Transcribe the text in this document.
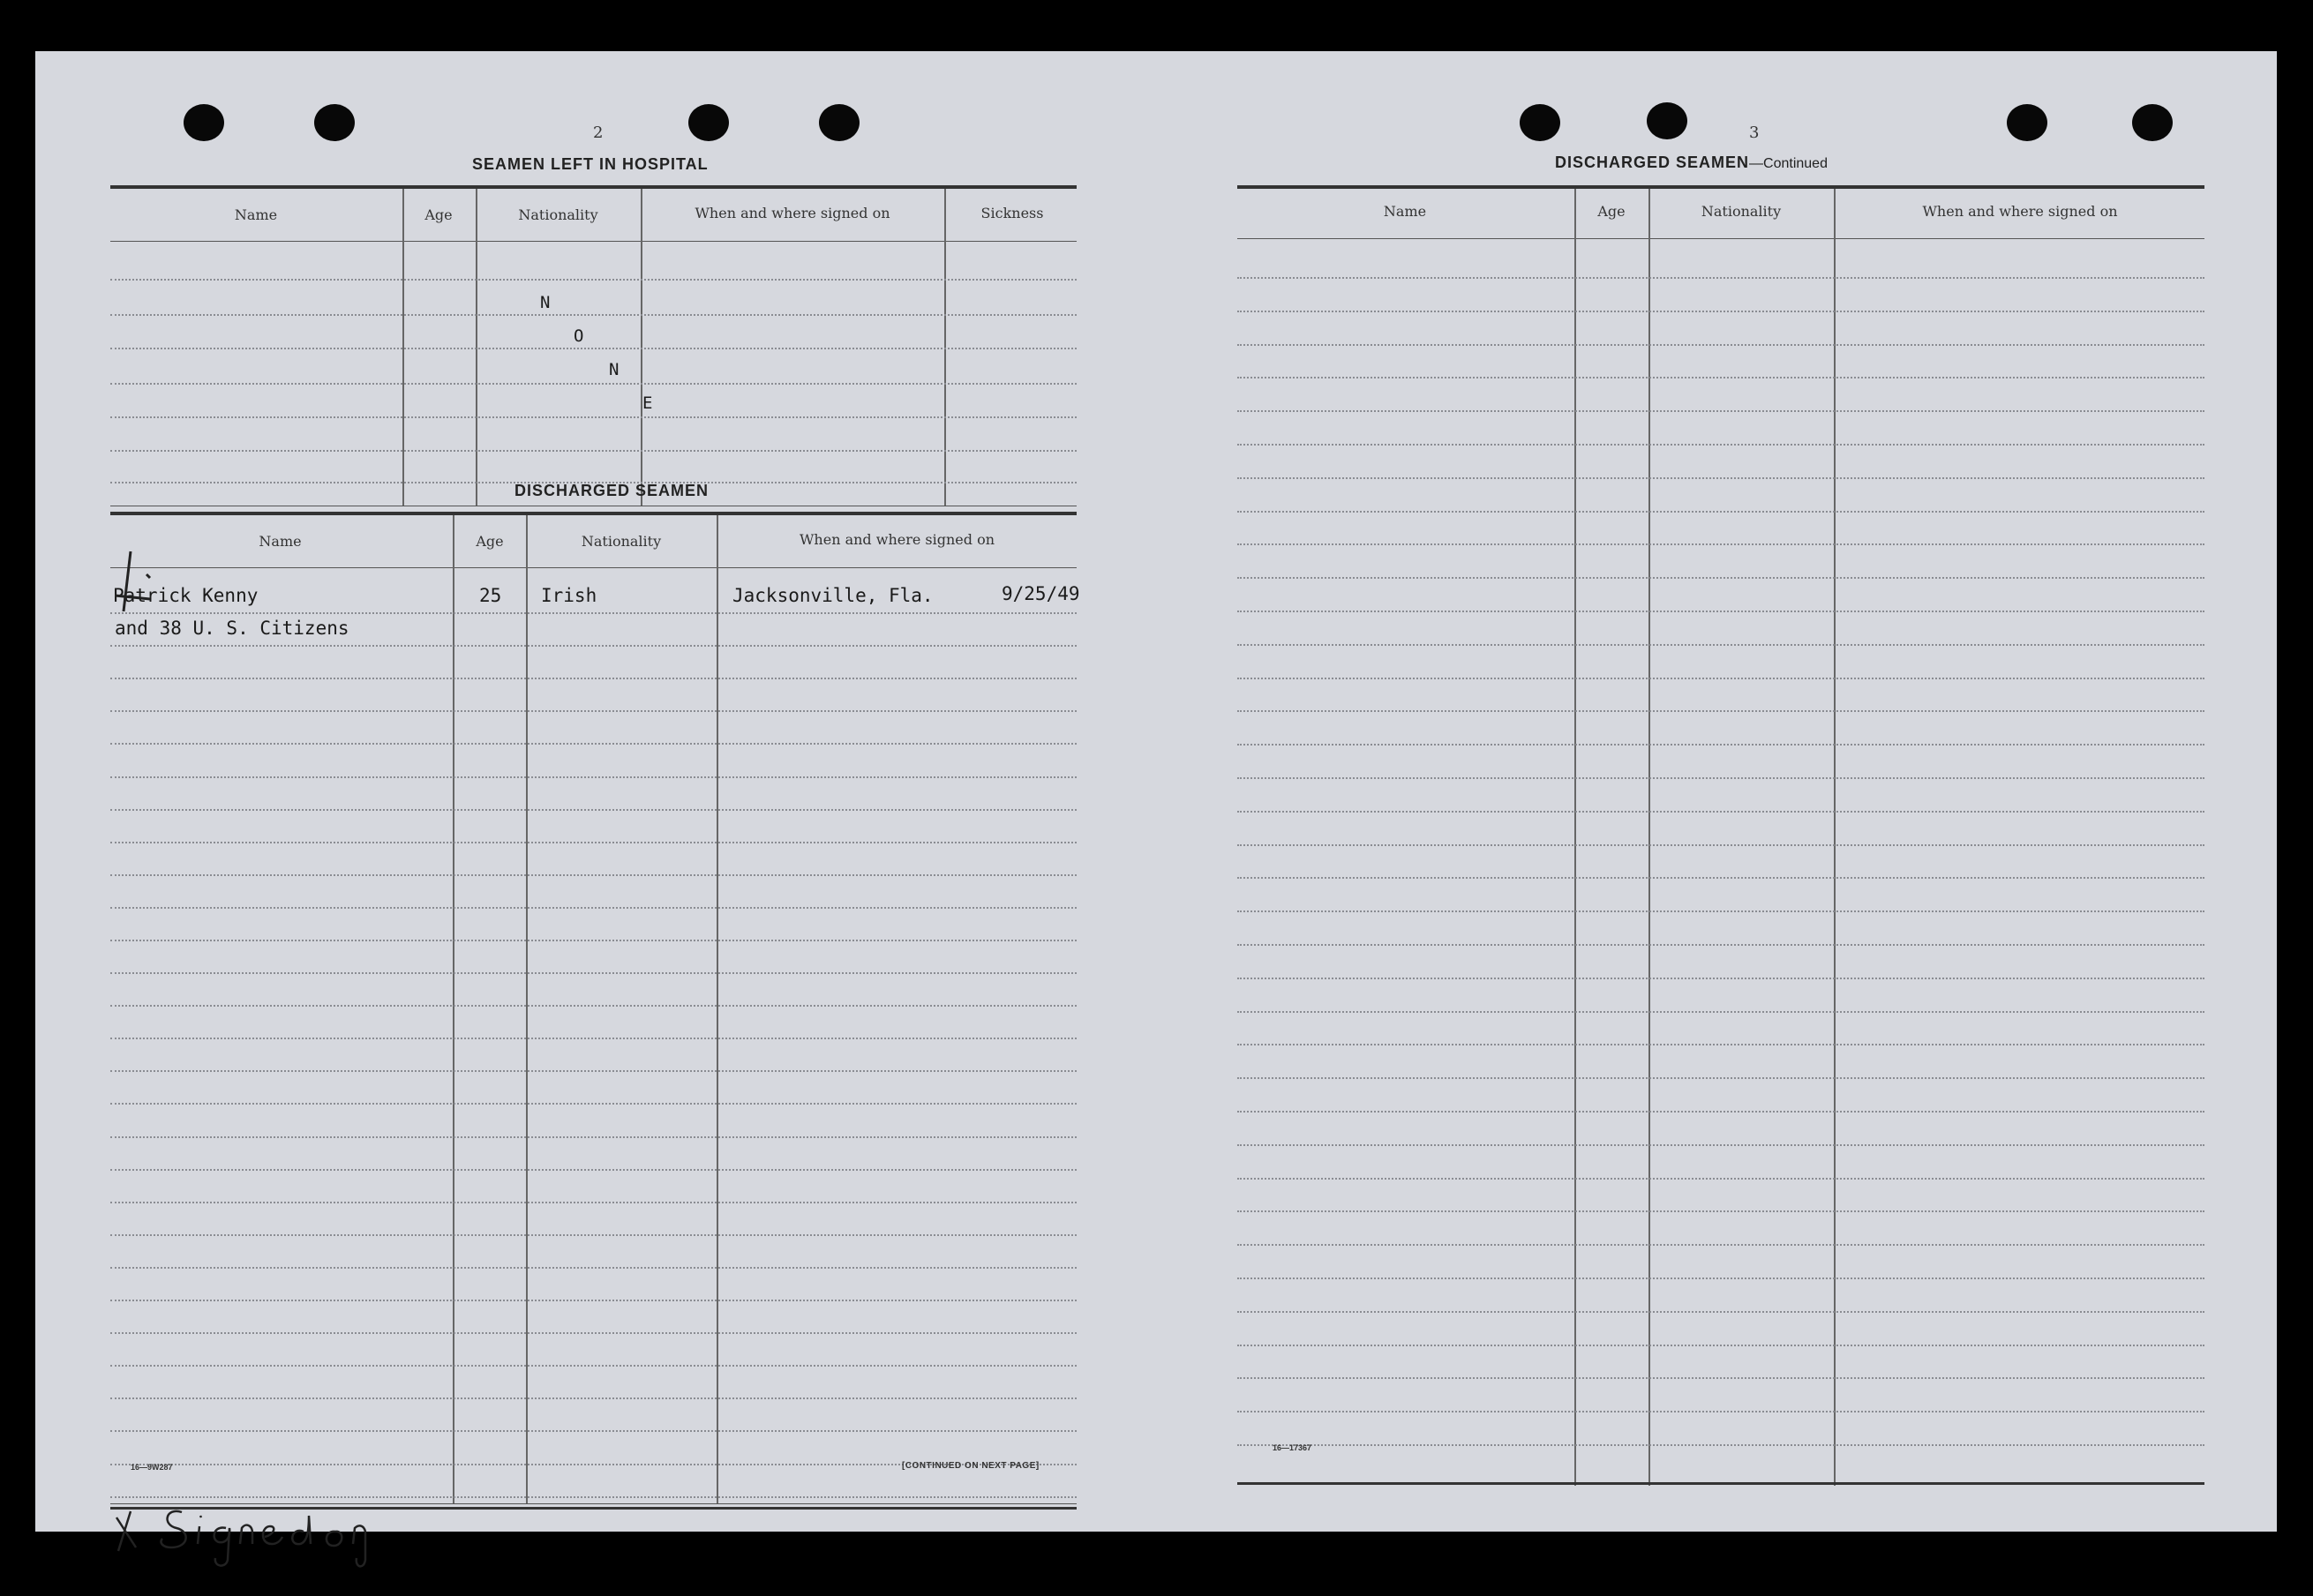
2
SEAMEN LEFT IN HOSPITAL
Name	Age	Nationality	When and where signed on	Sickness
N
O
N
E
DISCHARGED SEAMEN
Name	Age	Nationality	When and where signed on
Patrick Kenny	25 Irish	Jacksonville, Fla.	9/25/49
and 38 U. S. Citizens
16—9W287	[CONTINUED ON NEXT PAGE]
3
DISCHARGED SEAMEN—Continued
Name	Age	Nationality	When and where signed on
16—17367
